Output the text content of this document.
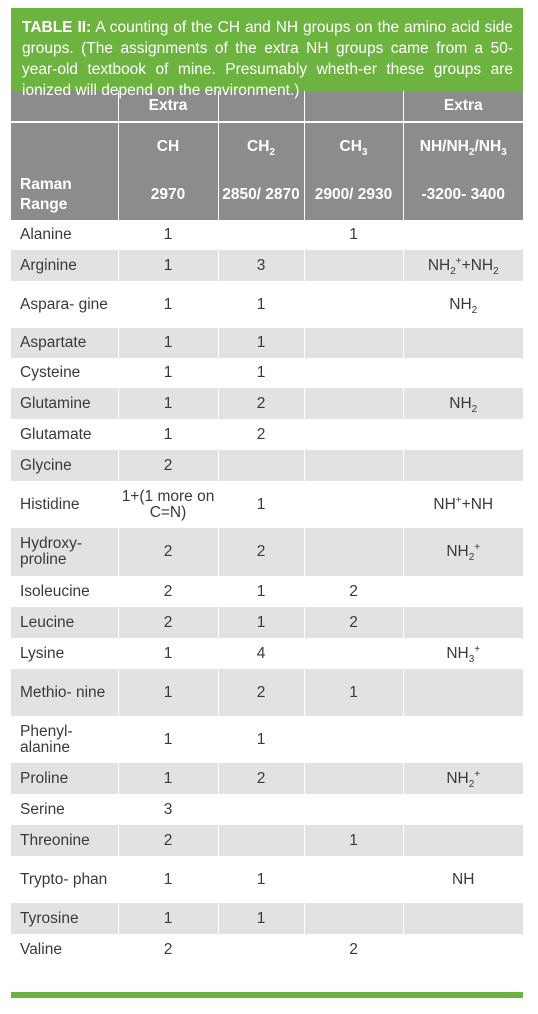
TABLE II: A counting of the CH and NH groups on the amino acid side groups. (The assignments of the extra NH groups came from a 50-year-old textbook of mine. Presumably wheth-er these groups are ionized will depend on the environment.)
	Extra			Extra
	CH	$CH_2$	$CH_3$	$NH/NH_2/NH_3$
Raman Range	2970	2850/ 2870	2900/ 2930	-3200- 3400
Alanine	1		1	
Arginine	1	3		$NH_2^++NH_2$
Aspara- gine	1	1		$NH_2$
Aspartate	1	1		
Cysteine	1	1		
Glutamine	1	2		$NH_2$
Glutamate	1	2		
Glycine	2			
Histidine	1+(1 more on C=N)	1		NH++NH
Hydroxy- proline	2	2		$NH_2^+$
Isoleucine	2	1	2	
Leucine	2	1	2	
Lysine	1	4		$NH_3^+$
Methio- nine	1	2	1	
Phenyl- alanine	1	1		
Proline	1	2		$NH_2^+$
Serine	3			
Threonine	2		1	
Trypto- phan	1	1		NH
Tyrosine	1	1		
Valine	2		2	
